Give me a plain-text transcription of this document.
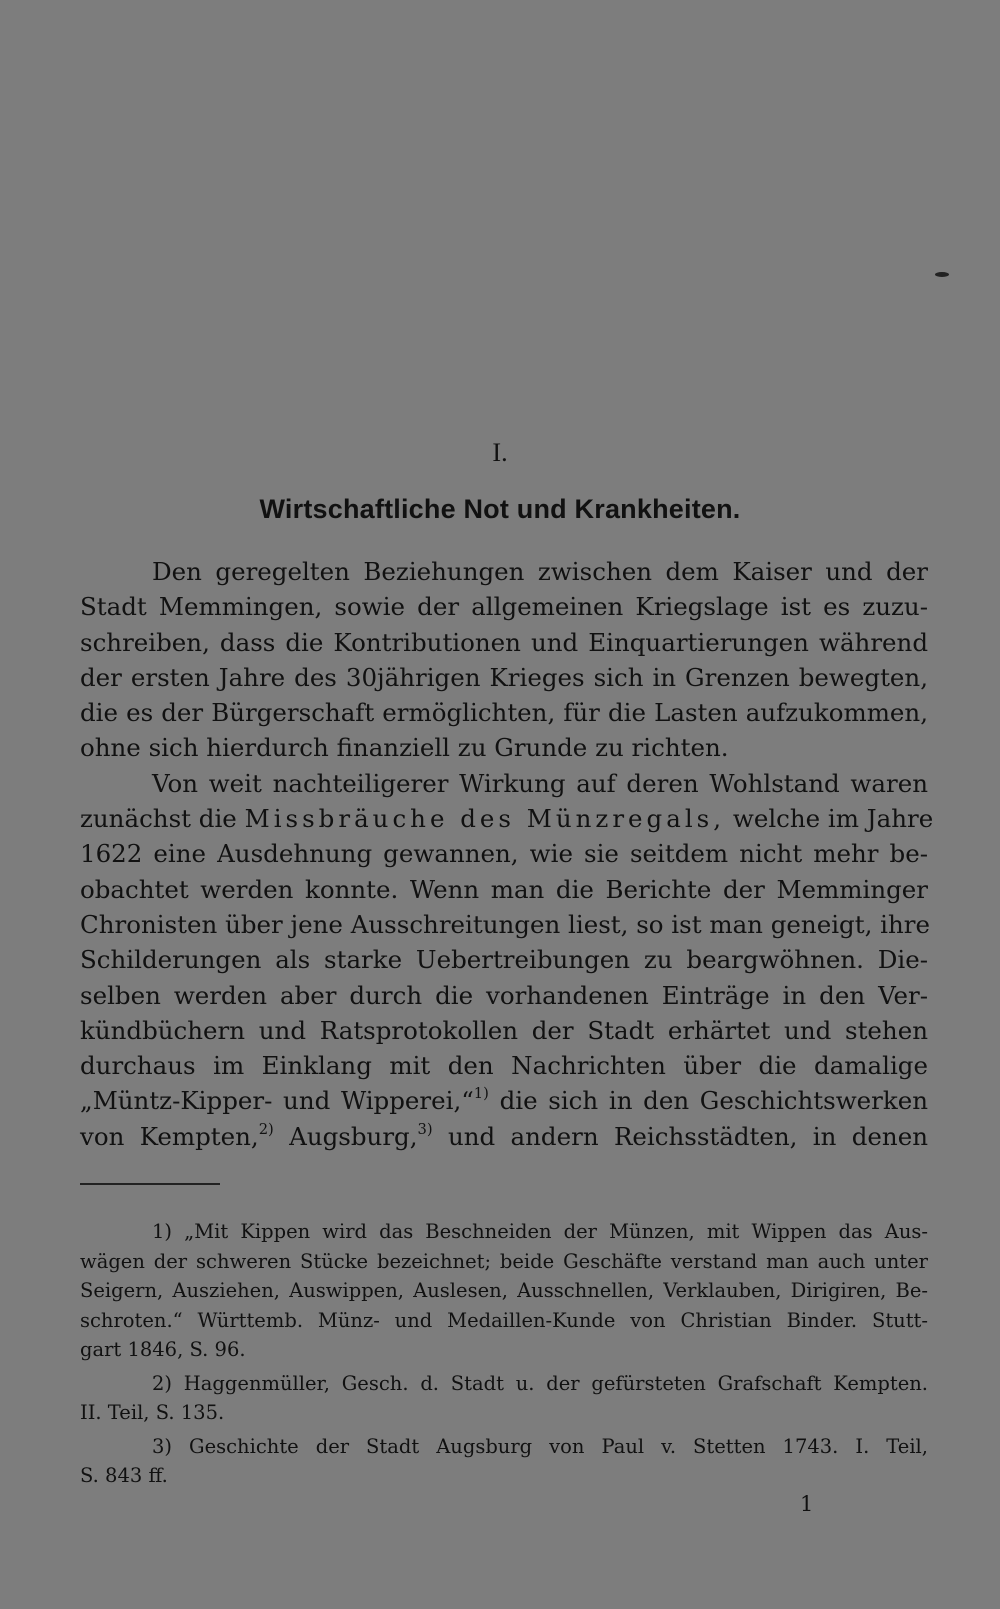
I.
Wirtschaftliche Not und Krankheiten.
Den geregelten Beziehungen zwischen dem Kaiser und der
Stadt Memmingen, sowie der allgemeinen Kriegslage ist es zuzu-
schreiben, dass die Kontributionen und Einquartierungen während
der ersten Jahre des 30jährigen Krieges sich in Grenzen bewegten,
die es der Bürgerschaft ermöglichten, für die Lasten aufzukommen,
ohne sich hierdurch finanziell zu Grunde zu richten.
Von weit nachteiligerer Wirkung auf deren Wohlstand waren
zunächst die Missbräuche des Münzregals, welche im Jahre
1622 eine Ausdehnung gewannen, wie sie seitdem nicht mehr be-
obachtet werden konnte. Wenn man die Berichte der Memminger
Chronisten über jene Ausschreitungen liest, so ist man geneigt, ihre
Schilderungen als starke Uebertreibungen zu beargwöhnen. Die-
selben werden aber durch die vorhandenen Einträge in den Ver-
kündbüchern und Ratsprotokollen der Stadt erhärtet und stehen
durchaus im Einklang mit den Nachrichten über die damalige
„Müntz-Kipper- und Wipperei,“$^{1)}$ die sich in den Geschichtswerken
von Kempten,$^{2)}$ Augsburg,$^{3)}$ und andern Reichsstädten, in denen
1) „Mit Kippen wird das Beschneiden der Münzen, mit Wippen das Aus-
wägen der schweren Stücke bezeichnet; beide Geschäfte verstand man auch unter
Seigern, Ausziehen, Auswippen, Auslesen, Ausschnellen, Verklauben, Dirigiren, Be-
schroten.“ Württemb. Münz- und Medaillen-Kunde von Christian Binder. Stutt-
gart 1846, S. 96.
2) Haggenmüller, Gesch. d. Stadt u. der gefürsteten Grafschaft Kempten.
II. Teil, S. 135.
3) Geschichte der Stadt Augsburg von Paul v. Stetten 1743. I. Teil,
S. 843 ff.
1
